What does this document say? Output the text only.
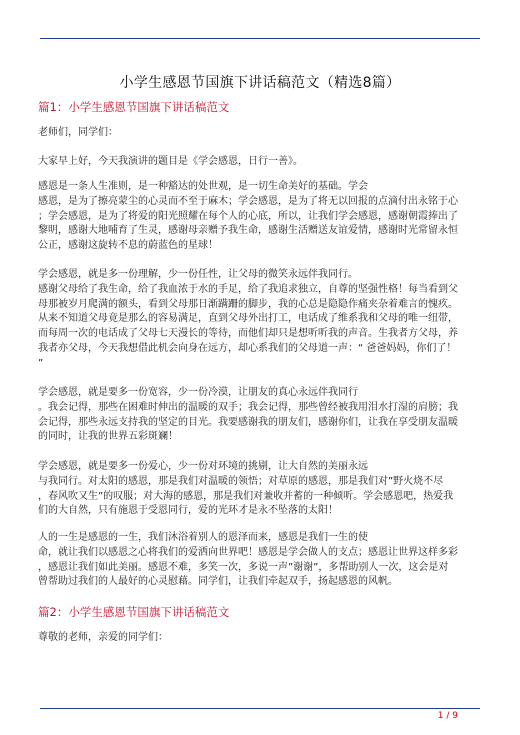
小学生感恩节国旗下讲话稿范文（精选8篇）
篇1：小学生感恩节国旗下讲话稿范文
老师们，同学们：
大家早上好，今天我演讲的题目是《学会感恩，日行一善》。
感恩是一条人生准则，是一种豁达的处世观，是一切生命美好的基础。学会
感恩，是为了擦亮蒙尘的心灵而不至于麻木；学会感恩，是为了将无以回报的点滴付出永铭于心
；学会感恩，是为了将爱的阳光照耀在每个人的心底，所以，让我们学会感恩，感谢朝霞捧出了
黎明，感谢大地哺育了生灵，感谢母亲赠予我生命，感谢生活赠送友谊爱情，感谢时光常留永恒
公正，感谢这旋转不息的蔚蓝色的星球！
学会感恩，就是多一份理解，少一份任性，让父母的微笑永远伴我同行。
感谢父母给了我生命，给了我血浓于水的手足，给了我追求独立，自尊的坚强性格！每当看到父
母那被岁月爬满的额头，看到父母那日渐蹒跚的脚步，我的心总是隐隐作痛夹杂着难言的愧疚。
从来不知道父母竟是那么的容易满足，直到父母外出打工，电话成了维系我和父母的唯一纽带，
而每周一次的电话成了父母七天漫长的等待，而他们却只是想听听我的声音。生我者方父母，养
我者亦父母，今天我想借此机会向身在远方，却心系我们的父母道一声：“ 爸爸妈妈，你们了！
”
学会感恩，就是要多一份宽容，少一份冷漠，让朋友的真心永远伴我同行
。我会记得，那些在困难时伸出的温暖的双手；我会记得，那些曾经被我用泪水打湿的肩膀；我
会记得，那些永远支持我的坚定的目光。我要感谢我的朋友们，感谢你们，让我在享受朋友温暖
的同时，让我的世界五彩斑斓！
学会感恩，就是要多一份爱心，少一份对环境的挑剔，让大自然的美丽永远
与我同行。对太阳的感恩，那是我们对温暖的领悟；对草原的感恩，那是我们对”野火烧不尽
，春风吹又生”的叹服；对大海的感恩，那是我们对兼收并蓄的一种倾听。学会感恩吧，热爱我
们的大自然，只有施恩于受恩同行，爱的光环才是永不坠落的太阳！
人的一生是感恩的一生，我们沐浴着别人的恩泽而来，感恩是我们一生的使
命，就让我们以感恩之心将我们的爱洒向世界吧！感恩是学会做人的支点；感恩让世界这样多彩
，感恩让我们如此美丽。感恩不难，多笑一次，多说一声”谢谢”，多帮助别人一次，这会是对
曾帮助过我们的人最好的心灵慰藉。同学们，让我们牵起双手，扬起感恩的风帆。
篇2：小学生感恩节国旗下讲话稿范文
尊敬的老师，亲爱的同学们：
1 / 9
